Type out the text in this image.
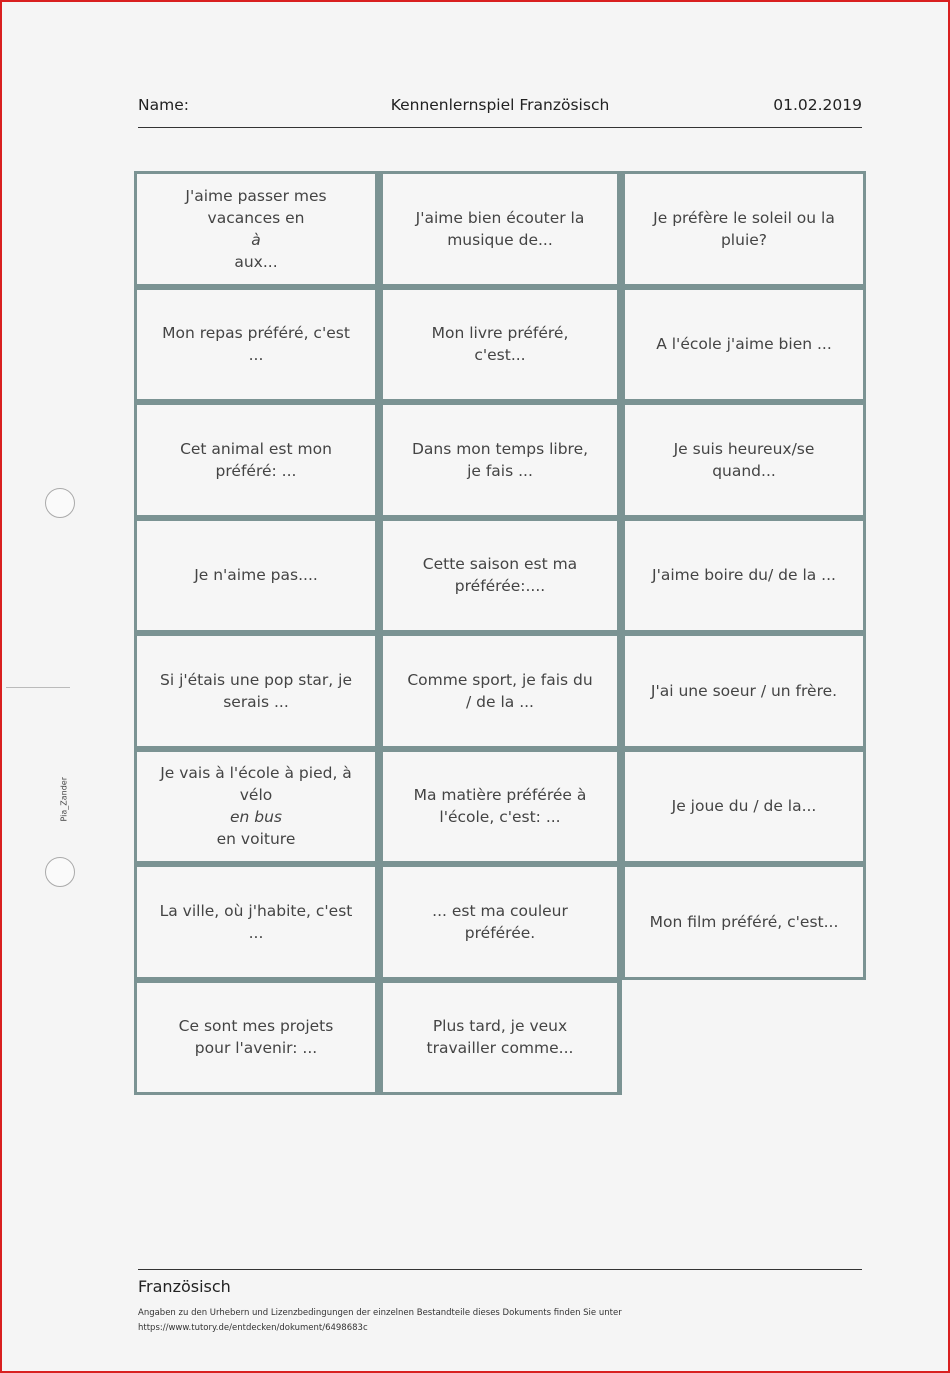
Name:	Kennenlernspiel Französisch	01.02.2019
J'aime passer mes vacances en
à
aux...
J'aime bien écouter la musique de...
Je préfère le soleil ou la pluie?
Mon repas préféré, c'est ...
Mon livre préféré, c'est...
A l'école j'aime bien ...
Cet animal est mon préféré: ...
Dans mon temps libre, je fais ...
Je suis heureux/se quand...
Je n'aime pas....
Cette saison est ma préférée:....
J'aime boire du/ de la ...
Si j'étais une pop star, je serais ...
Comme sport, je fais du / de la ...
J'ai une soeur / un frère.
Je vais à l'école à pied, à vélo
en bus
en voiture
Ma matière préférée à l'école, c'est: ...
Je joue du / de la...
La ville, où j'habite, c'est ...
... est ma couleur préférée.
Mon film préféré, c'est...
Ce sont mes projets pour l'avenir: ...
Plus tard, je veux travailler comme...
Pia_Zander
Französisch
Angaben zu den Urhebern und Lizenzbedingungen der einzelnen Bestandteile dieses Dokuments finden Sie unter
https://www.tutory.de/entdecken/dokument/6498683c
